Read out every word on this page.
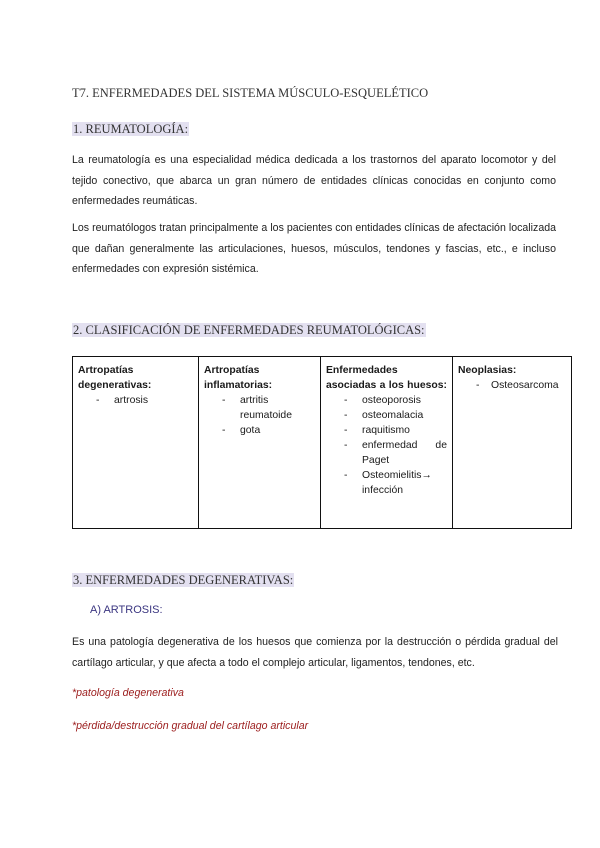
T7. ENFERMEDADES DEL SISTEMA MÚSCULO-ESQUELÉTICO
1. REUMATOLOGÍA:
La reumatología es una especialidad médica dedicada a los trastornos del aparato locomotor y del tejido conectivo, que abarca un gran número de entidades clínicas conocidas en conjunto como enfermedades reumáticas.
Los reumatólogos tratan principalmente a los pacientes con entidades clínicas de afectación localizada que dañan generalmente las articulaciones, huesos, músculos, tendones y fascias, etc., e incluso enfermedades con expresión sistémica.
2. CLASIFICACIÓN DE ENFERMEDADES REUMATOLÓGICAS:
Artropatías degenerativas:
- artrosis
Artropatías inflamatorias:
- artritis reumatoide
- gota
Enfermedades asociadas a los huesos:
- osteoporosis
- osteomalacia
- raquitismo
- enfermedad de Paget
- Osteomielitis→ infección
Neoplasias:
- Osteosarcoma
3. ENFERMEDADES DEGENERATIVAS:
A) ARTROSIS:
Es una patología degenerativa de los huesos que comienza por la destrucción o pérdida gradual del cartílago articular, y que afecta a todo el complejo articular, ligamentos, tendones, etc.
*patología degenerativa
*pérdida/destrucción gradual del cartílago articular
